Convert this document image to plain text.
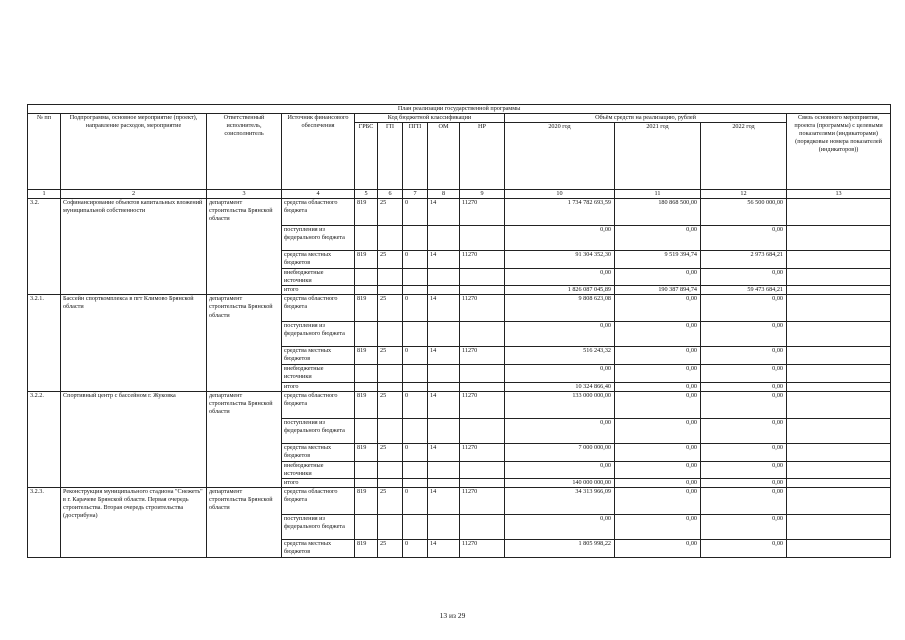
План реализации государственной программы												
№ пп	Подпрограмма, основное мероприятие (проект), направление расходов, мероприятие	Ответственный исполнитель, соисполнитель	Источник финансового обеспечения	Код бюджетной классификации					Объём средств на реализацию, рублей			Связь основного мероприятия, проекта (программы) с целевыми показателями (индикаторами) (порядковые номера показателей (индикаторов))
				ГРБС	ГП	ПГП	ОМ	НР	2020 год	2021 год	2022 год	
1	2	3	4	5	6	7	8	9	10	11	12	13
3.2.	Софинансирование объектов капитальных вложений муниципальной собственности	департамент строительства Брянской области	средства областного бюджета	819	25	0	14	11270	1 734 782 693,59	180 868 500,00	56 500 000,00	
			поступления из федерального бюджета						0,00	0,00	0,00	
			средства местных бюджетов	819	25	0	14	11270	91 304 352,30	9 519 394,74	2 973 684,21	
			внебюджетные источники						0,00	0,00	0,00	
			итого						1 826 087 045,89	190 387 894,74	59 473 684,21	
3.2.1.	Бассейн спорткомплекса в пгт Климово Брянской области	департамент строительства Брянской области	средства областного бюджета	819	25	0	14	11270	9 808 623,08	0,00	0,00	
			поступления из федерального бюджета						0,00	0,00	0,00	
			средства местных бюджетов	819	25	0	14	11270	516 243,32	0,00	0,00	
			внебюджетные источники						0,00	0,00	0,00	
			итого						10 324 866,40	0,00	0,00	
3.2.2.	Спортивный центр с бассейном г. Жуковка	департамент строительства Брянской области	средства областного бюджета	819	25	0	14	11270	133 000 000,00	0,00	0,00	
			поступления из федерального бюджета						0,00	0,00	0,00	
			средства местных бюджетов	819	25	0	14	11270	7 000 000,00	0,00	0,00	
			внебюджетные источники						0,00	0,00	0,00	
			итого						140 000 000,00	0,00	0,00	
3.2.3.	Реконструкция муниципального стадиона "Снежеть" в г. Карачеве Брянской области. Первая очередь строительства. Вторая очередь строительства (дострибуна)	департамент строительства Брянской области	средства областного бюджета	819	25	0	14	11270	34 313 966,09	0,00	0,00	
			поступления из федерального бюджета						0,00	0,00	0,00	
			средства местных бюджетов	819	25	0	14	11270	1 805 998,22	0,00	0,00	
13 из 29
